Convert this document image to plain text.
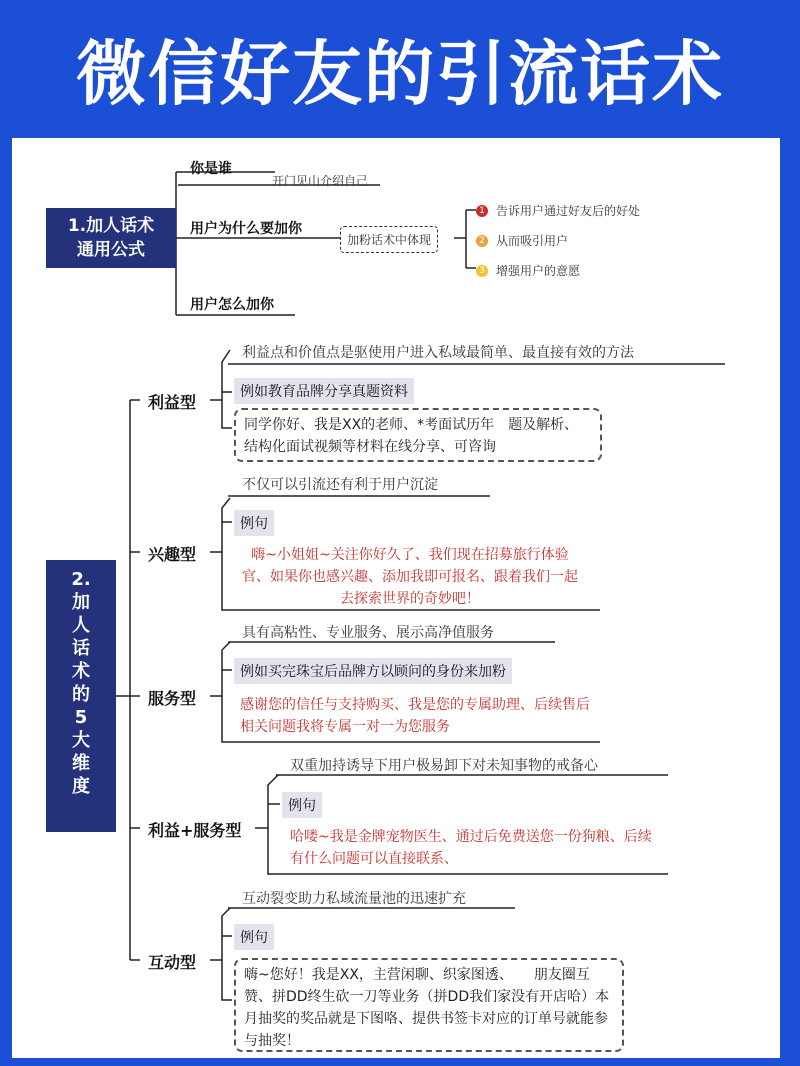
微信好友的引流话术
1.加人话术
通用公式
你是谁
开门见山介绍自己
用户为什么要加你
加粉话术中体现
1 告诉用户通过好友后的好处
2 从而吸引用户
3 增强用户的意愿
用户怎么加你
2.
加
人
话
术
的
5
大
维
度
利益型
利益点和价值点是驱使用户进入私域最简单、最直接有效的方法
例如教育品牌分享真题资料
同学你好、我是XX的老师、*考面试历年　题及解析、结构化面试视频等材料在线分享、可咨询
兴趣型
不仅可以引流还有利于用户沉淀
例句
嗨~小姐姐~关注你好久了、我们现在招募旅行体验官、如果你也感兴趣、添加我即可报名、跟着我们一起去探索世界的奇妙吧！
服务型
具有高粘性、专业服务、展示高净值服务
例如买完珠宝后品牌方以顾问的身份来加粉
感谢您的信任与支持购买、我是您的专属助理、后续售后相关问题我将专属一对一为您服务
利益+服务型
双重加持诱导下用户极易卸下对未知事物的戒备心
例句
哈喽~我是金牌宠物医生、通过后免费送您一份狗粮、后续有什么问题可以直接联系、
互动型
互动裂变助力私域流量池的迅速扩充
例句
嗨~您好！我是XX，主营闲聊、织家图透、　　朋友圈互赞、拼DD终生砍一刀等业务（拼DD我们家没有开店哈）本月抽奖的奖品就是下图咯、提供书签卡对应的订单号就能参与抽奖！
